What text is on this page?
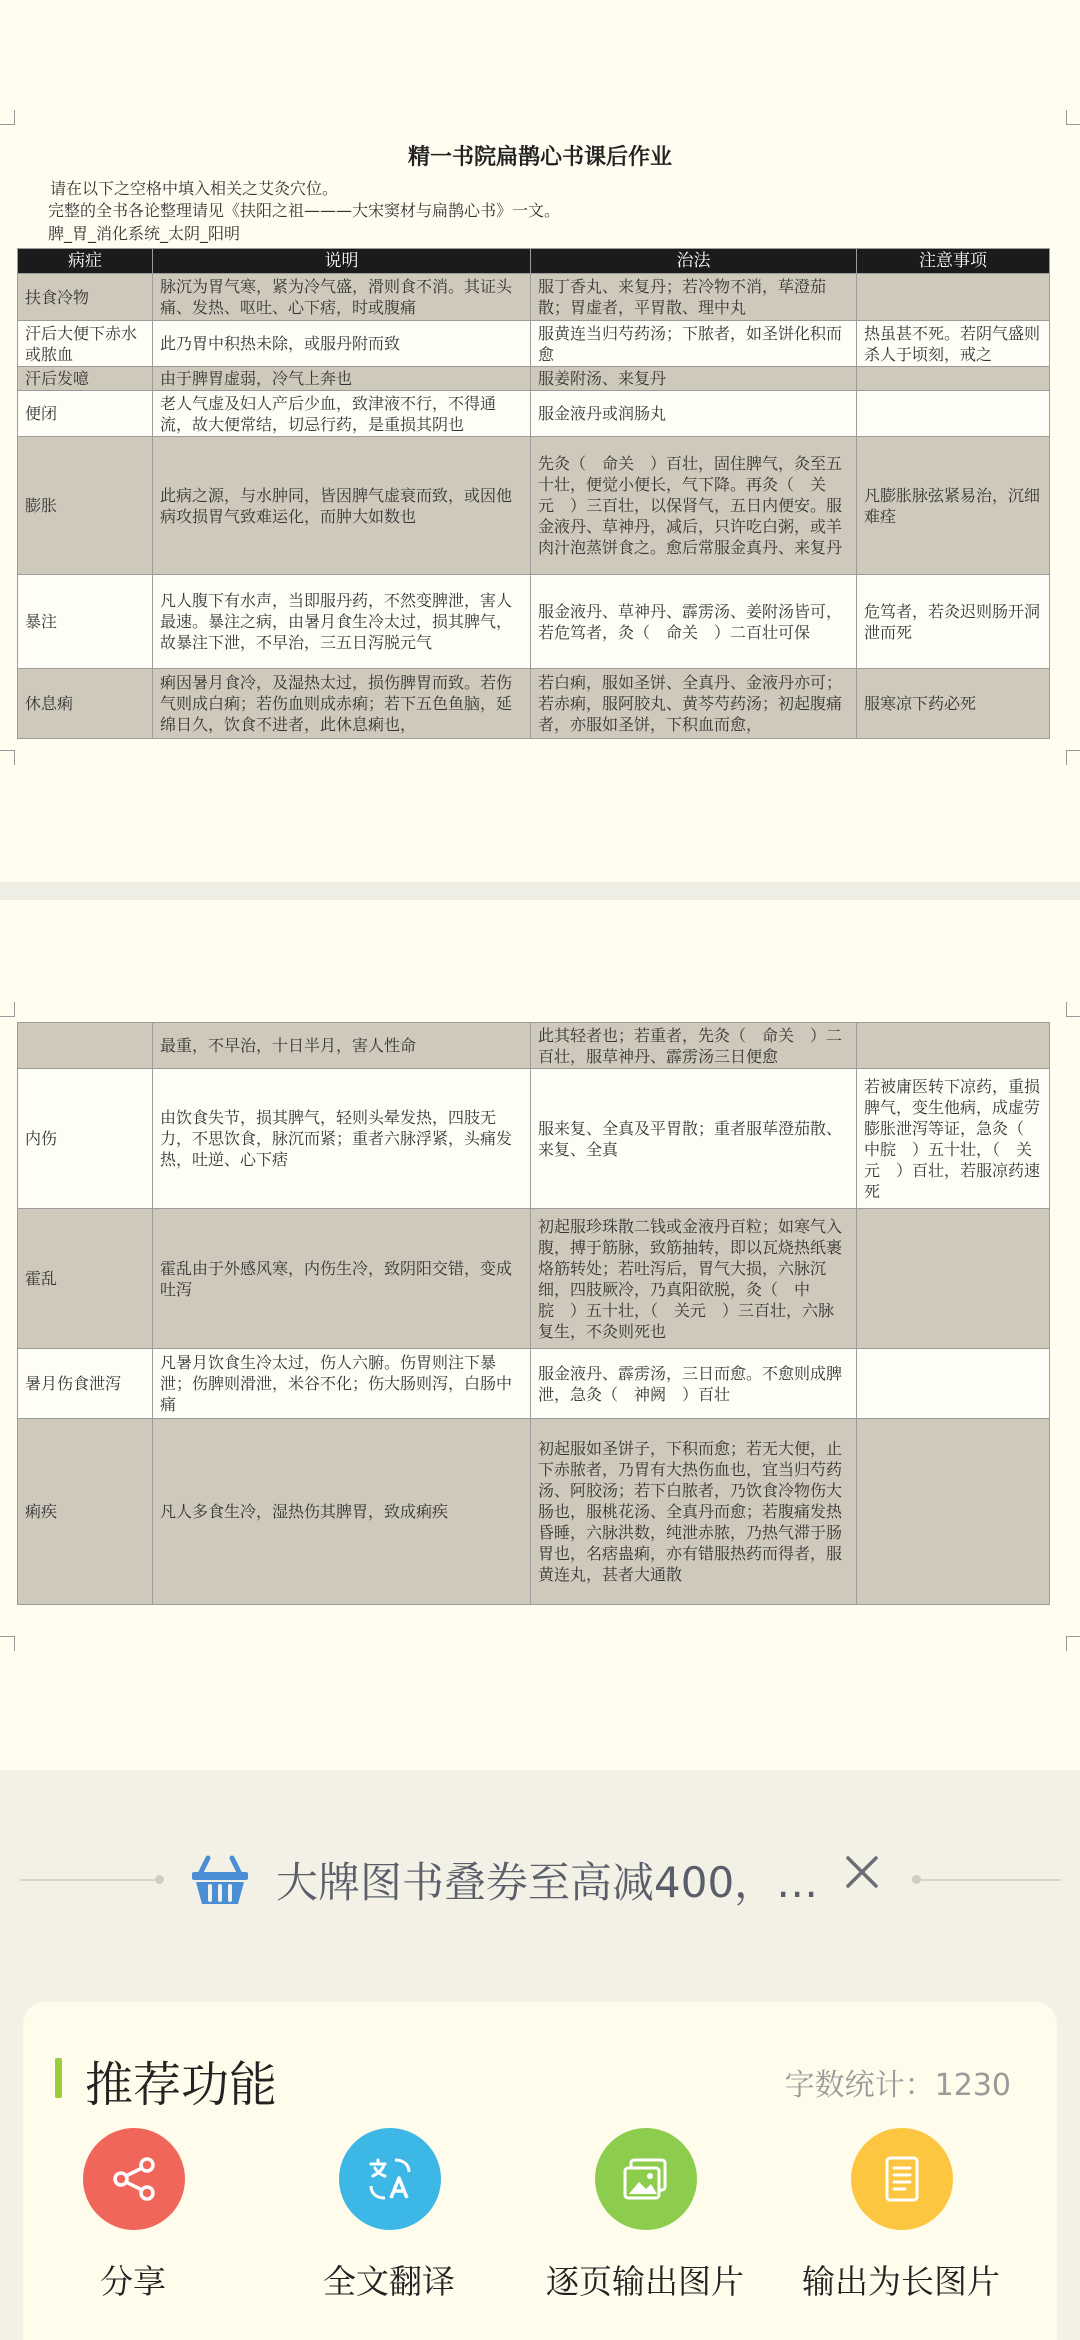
精一书院扁鹊心书课后作业
请在以下之空格中填入相关之艾灸穴位。
完整的全书各论整理请见《扶阳之祖———大宋窦材与扁鹊心书》一文。
脾_胃_消化系统_太阴_阳明
病症	说明	治法	注意事项
扶食冷物	脉沉为胃气寒，紧为冷气盛，滑则食不消。其证头痛、发热、呕吐、心下痞，时或腹痛	服丁香丸、来复丹；若冷物不消，荜澄茄散；胃虚者，平胃散、理中丸	
汗后大便下赤水或脓血	此乃胃中积热未除，或服丹附而致	服黄连当归芍药汤；下脓者，如圣饼化积而愈	热虽甚不死。若阴气盛则杀人于顷刻，戒之
汗后发噫	由于脾胃虚弱，冷气上奔也	服姜附汤、来复丹	
便闭	老人气虚及妇人产后少血，致津液不行，不得通流，故大便常结，切忌行药，是重损其阴也	服金液丹或润肠丸	
膨胀	此病之源，与水肿同，皆因脾气虚衰而致，或因他病攻损胃气致难运化，而肿大如数也	先灸（　命关　）百壮，固住脾气，灸至五十壮，便觉小便长，气下降。再灸（　关元　）三百壮，以保肾气，五日内便安。服金液丹、草神丹，减后，只许吃白粥，或羊肉汁泡蒸饼食之。愈后常服金真丹、来复丹	凡膨胀脉弦紧易治，沉细难痊
暴注	凡人腹下有水声，当即服丹药，不然变脾泄，害人最速。暴注之病，由暑月食生冷太过，损其脾气，故暴注下泄，不早治，三五日泻脱元气	服金液丹、草神丹、霹雳汤、姜附汤皆可，若危笃者，灸（　命关　）二百壮可保	危笃者，若灸迟则肠开洞泄而死
休息痢	痢因暑月食冷，及湿热太过，损伤脾胃而致。若伤气则成白痢；若伤血则成赤痢；若下五色鱼脑，延绵日久，饮食不进者，此休息痢也，	若白痢，服如圣饼、全真丹、金液丹亦可；若赤痢，服阿胶丸、黄芩芍药汤；初起腹痛者，亦服如圣饼，下积血而愈，	服寒凉下药必死
	最重，不早治，十日半月，害人性命	此其轻者也；若重者，先灸（　命关　）二百壮，服草神丹、霹雳汤三日便愈	
内伤	由饮食失节，损其脾气，轻则头晕发热，四肢无力，不思饮食，脉沉而紧；重者六脉浮紧，头痛发热，吐逆、心下痞	服来复、全真及平胃散；重者服荜澄茄散、来复、全真	若被庸医转下凉药，重损脾气，变生他病，成虚劳膨胀泄泻等证，急灸（　中脘　）五十壮，（　关元　）百壮，若服凉药速死
霍乱	霍乱由于外感风寒，内伤生冷，致阴阳交错，变成吐泻	初起服珍珠散二钱或金液丹百粒；如寒气入腹，搏于筋脉，致筋抽转，即以瓦烧热纸裹烙筋转处；若吐泻后，胃气大损，六脉沉细，四肢厥冷，乃真阳欲脱，灸（　中脘　）五十壮，（　关元　）三百壮，六脉复生，不灸则死也	
暑月伤食泄泻	凡暑月饮食生冷太过，伤人六腑。伤胃则注下暴泄；伤脾则滑泄，米谷不化；伤大肠则泻，白肠中痛	服金液丹、霹雳汤，三日而愈。不愈则成脾泄，急灸（　神阙　）百壮	
痢疾	凡人多食生冷，湿热伤其脾胃，致成痢疾	初起服如圣饼子，下积而愈；若无大便，止下赤脓者，乃胃有大热伤血也，宜当归芍药汤、阿胶汤；若下白脓者，乃饮食冷物伤大肠也，服桃花汤、全真丹而愈；若腹痛发热昏睡，六脉洪数，纯泄赤脓，乃热气滞于肠胃也，名痞蛊痢，亦有错服热药而得者，服黄连丸，甚者大通散	
大牌图书叠券至高减400，…
推荐功能	字数统计：1230
分享	全文翻译	逐页输出图片 输出为长图片
